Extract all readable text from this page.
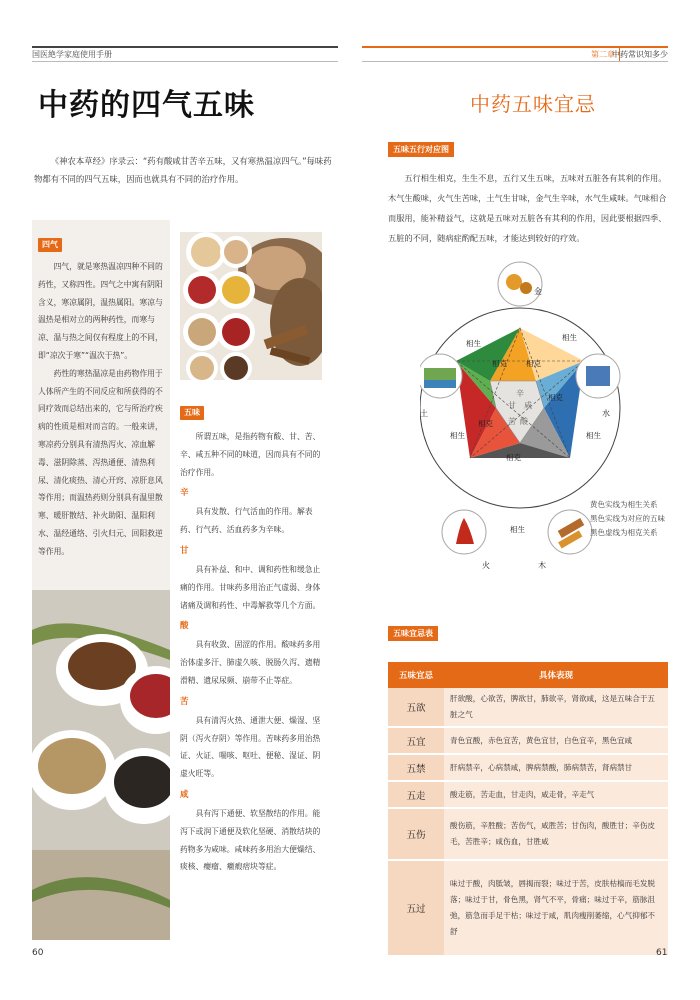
国医絶学家庭使用手册	第二章
中药常识知多少
中药的四气五味

《神农本草经》序录云：“药有酸咸甘苦辛五味，又有寒热温凉四气。”每味药物都有不同的四气五味，因而也就具有不同的治疗作用。

四气

四气，就是寒热温凉四种不同的药性，又称四性。四气之中寓有阴阳含义，寒凉属阴，温热属阳。寒凉与温热是相对立的两种药性，而寒与凉、温与热之间仅有程度上的不同，即“凉次于寒”“温次于热”。

药性的寒热温凉是由药物作用于人体所产生的不同反应和所获得的不同疗效而总结出来的，它与所治疗疾病的性质是相对而言的。一般来讲，寒凉药分别具有清热泻火、凉血解毒、滋阴除蒸、泻热通便、清热利尿、清化痰热、清心开窍、凉肝息风等作用；而温热药则分别具有温里散寒、暖肝散结、补火助阳、温阳利水、温经通络、引火归元、回阳救逆等作用。

五味

所谓五味，是指药物有酸、甘、苦、辛、咸五种不同的味道，因而具有不同的治疗作用。

辛

具有发散、行气活血的作用。解表药、行气药、活血药多为辛味。

甘

具有补益、和中、调和药性和缓急止痛的作用。甘味药多用治正气虚弱、身体诸痛及调和药性、中毒解救等几个方面。

酸

具有收敛、固涩的作用。酸味药多用治体虚多汗、肺虚久咳、脱肠久泻、遗精滑精、遗尿尿频、崩带不止等症。

苦

具有清泻火热、通泄大便、燥湿、坚阴（泻火存阴）等作用。苦味药多用治热证、火证、喘咳、呕吐、便秘、湿证、阴虚火旺等。

咸

具有泻下通便、软坚散结的作用。能泻下或润下通便及软化坚硬、消散结块的药物多为咸味。咸味药多用治大便燥结、痰核、瘿瘤、癥瘕痞块等症。

60
中药五味宜忌
五味五行对应图

五行相生相克，生生不息，五行又生五味，五味对五脏各有其利的作用。木气生酸味，火气生苦味，土气生甘味，金气生辛味，水气生咸味。气味相合而服用，能补精益气，这就是五味对五脏各有其利的作用，因此要根据四季、五脏的不同，随病症酌配五味，才能达到较好的疗效。

辛
咸
甘
酸
苦
相克	相克
相克
相克
相克
相生
相生
相生	相生
相生
金
土	水
火	木
黄色实线为相生关系
黑色实线为对应的五味
黑色虚线为相克关系
五味宜忌表
五味宜忌	具体表现
五欲	肝欲酸，心欲苦，脾欲甘，肺欲辛，肾欲咸，这是五味合于五脏之气
五宜	青色宜酸，赤色宜苦，黄色宜甘，白色宜辛，黑色宜咸
五禁	肝病禁辛，心病禁咸，脾病禁酸，肺病禁苦，肾病禁甘
五走	酸走筋，苦走血，甘走肉，咸走骨，辛走气
五伤	酸伤筋，辛胜酸；苦伤气，咸胜苦；甘伤肉，酸胜甘；辛伤皮毛，苦胜辛；咸伤血，甘胜咸
五过	味过于酸，肉胝皱，唇揭而裂；味过于苦，皮肤枯槁而毛发脱落；味过于甘，骨色黑，肾气不平，骨痛；味过于辛，筋脉沮弛，筋急而手足干枯；味过于咸，肌肉瘦削萎缩，心气抑郁不舒
61
